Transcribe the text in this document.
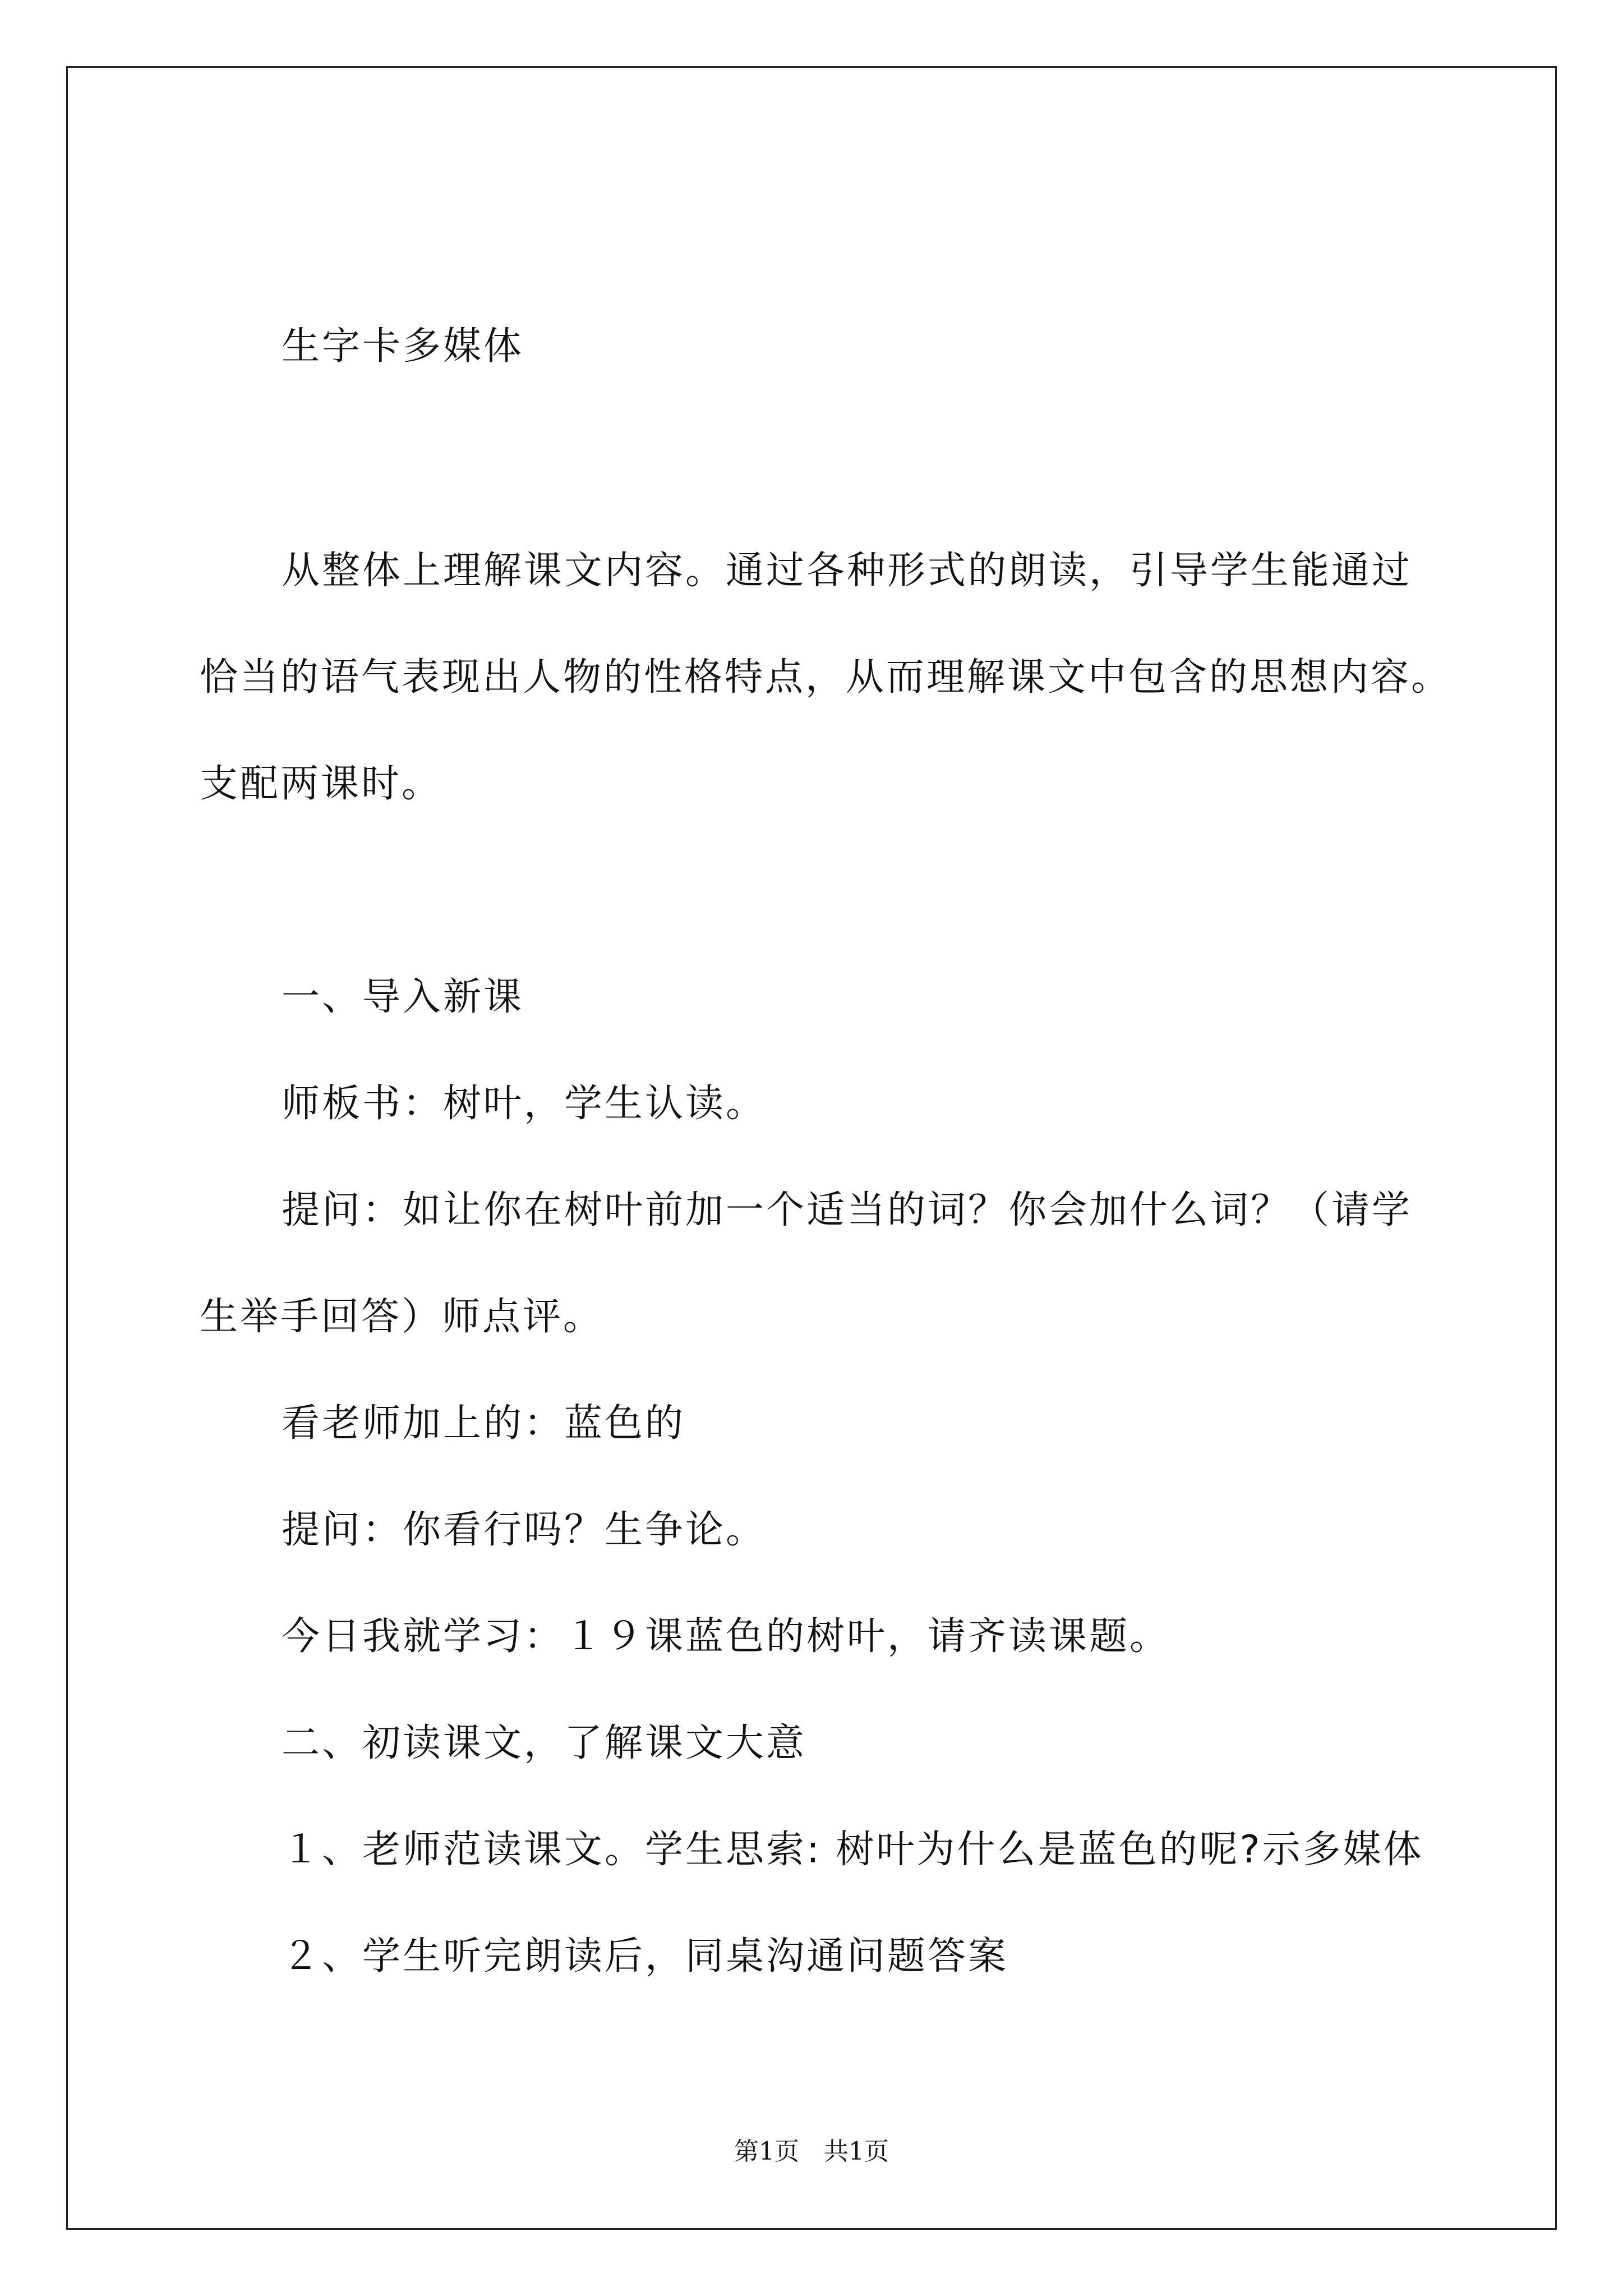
生字卡多媒体
从整体上理解课文内容。通过各种形式的朗读，引导学生能通过
恰当的语气表现出人物的性格特点，从而理解课文中包含的思想内容。
支配两课时。
一、导入新课
师板书：树叶，学生认读。
提问：如让你在树叶前加一个适当的词？你会加什么词？（请学
生举手回答）师点评。
看老师加上的：蓝色的
提问：你看行吗？生争论。
今日我就学习：１９课蓝色的树叶，请齐读课题。
二、初读课文，了解课文大意
１、老师范读课文。学生思索: 树叶为什么是蓝色的呢?示多媒体
２、学生听完朗读后，同桌沟通问题答案
第1页 共1页
